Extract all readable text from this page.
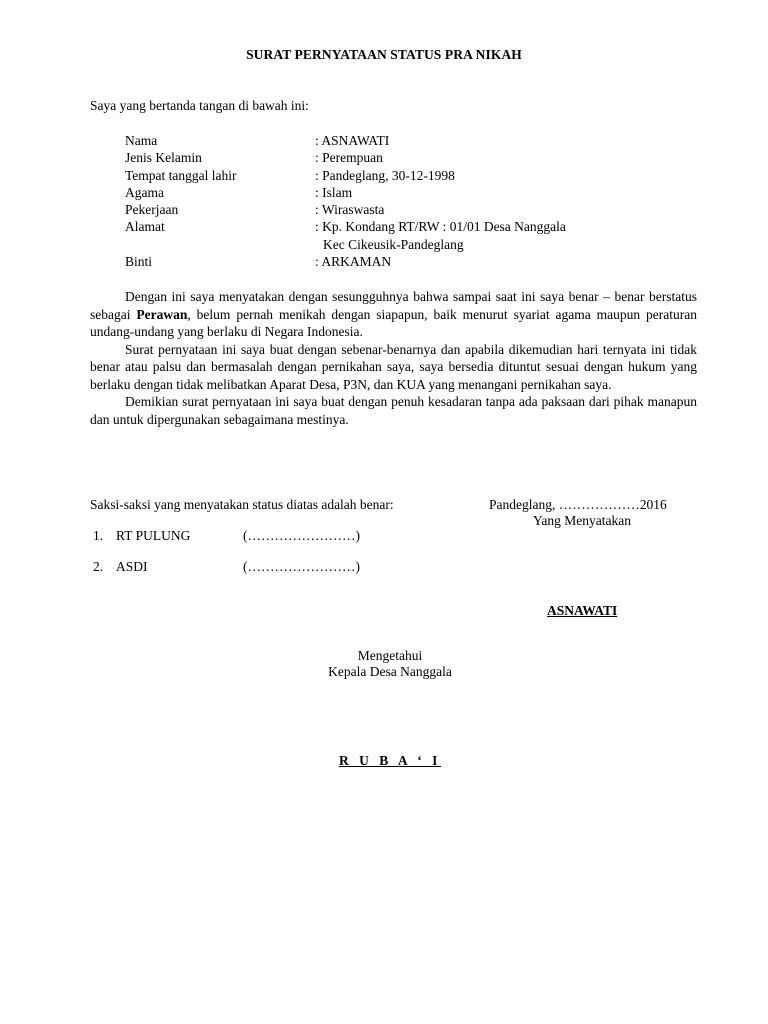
SURAT PERNYATAAN STATUS PRA NIKAH
Saya yang bertanda tangan di bawah ini:
Nama	: ASNAWATI
Jenis Kelamin	: Perempuan
Tempat tanggal lahir	: Pandeglang, 30-12-1998
Agama	: Islam
Pekerjaan	: Wiraswasta
Alamat	: Kp. Kondang RT/RW : 01/01 Desa Nanggala
Kec Cikeusik-Pandeglang
Binti	: ARKAMAN

Dengan ini saya menyatakan dengan sesungguhnya bahwa sampai saat ini saya benar – benar berstatus sebagai Perawan, belum pernah menikah dengan siapapun, baik menurut syariat agama maupun peraturan undang-undang yang berlaku di Negara Indonesia.

Surat pernyataan ini saya buat dengan sebenar-benarnya dan apabila dikemudian hari ternyata ini tidak benar atau palsu dan bermasalah dengan pernikahan saya, saya bersedia dituntut sesuai dengan hukum yang berlaku dengan tidak melibatkan Aparat Desa, P3N, dan KUA yang menangani pernikahan saya.

Demikian surat pernyataan ini saya buat dengan penuh kesadaran tanpa ada paksaan dari pihak manapun dan untuk dipergunakan sebagaimana mestinya.

Saksi-saksi yang menyatakan status diatas adalah benar:	Pandeglang, ………………2016
Yang Menyatakan
1. RT PULUNG	(……………………)
2. ASDI	(……………………)
ASNAWATI
Mengetahui
Kepala Desa Nanggala
R U B A ‘ I
